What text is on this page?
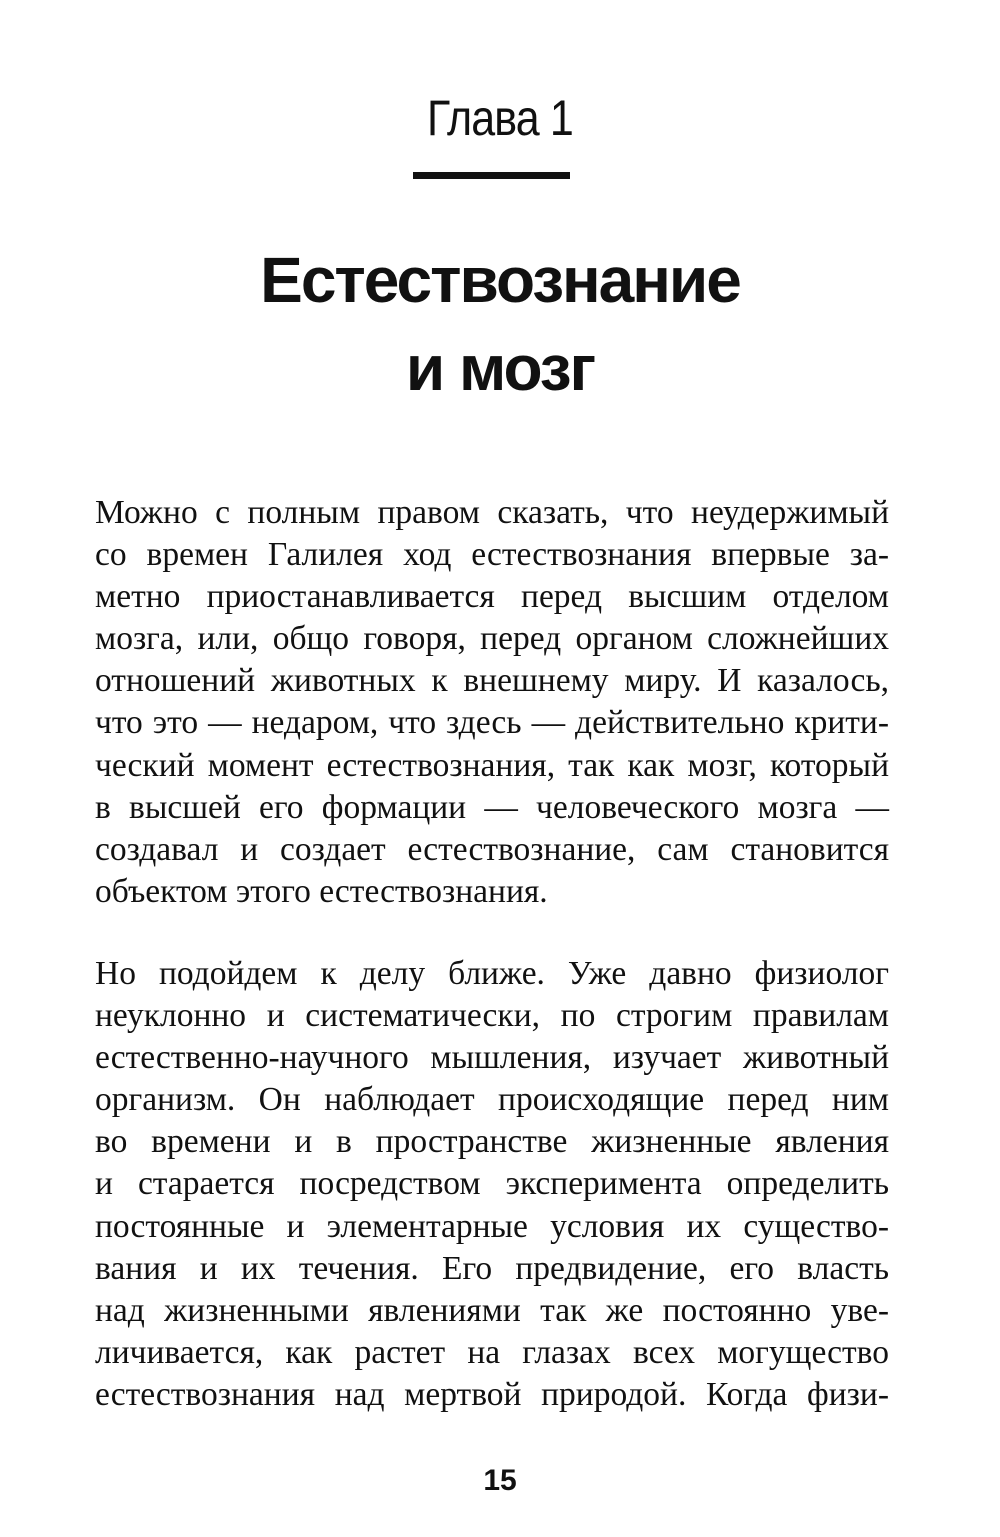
Глава 1
Естествознание
и мозг
Можно с полным правом сказать, что неудержимый
со времен Галилея ход естествознания впервые за-
метно приостанавливается перед высшим отделом
мозга, или, общо говоря, перед органом сложнейших
отношений животных к внешнему миру. И казалось,
что это — недаром, что здесь — действительно крити-
ческий момент естествознания, так как мозг, который
в высшей его формации — человеческого мозга —
создавал и создает естествознание, сам становится
объектом этого естествознания.
Но подойдем к делу ближе. Уже давно физиолог
неуклонно и систематически, по строгим правилам
естественно-научного мышления, изучает животный
организм. Он наблюдает происходящие перед ним
во времени и в пространстве жизненные явления
и старается посредством эксперимента определить
постоянные и элементарные условия их существо-
вания и их течения. Его предвидение, его власть
над жизненными явлениями так же постоянно уве-
личивается, как растет на глазах всех могущество
естествознания над мертвой природой. Когда физи-
15
